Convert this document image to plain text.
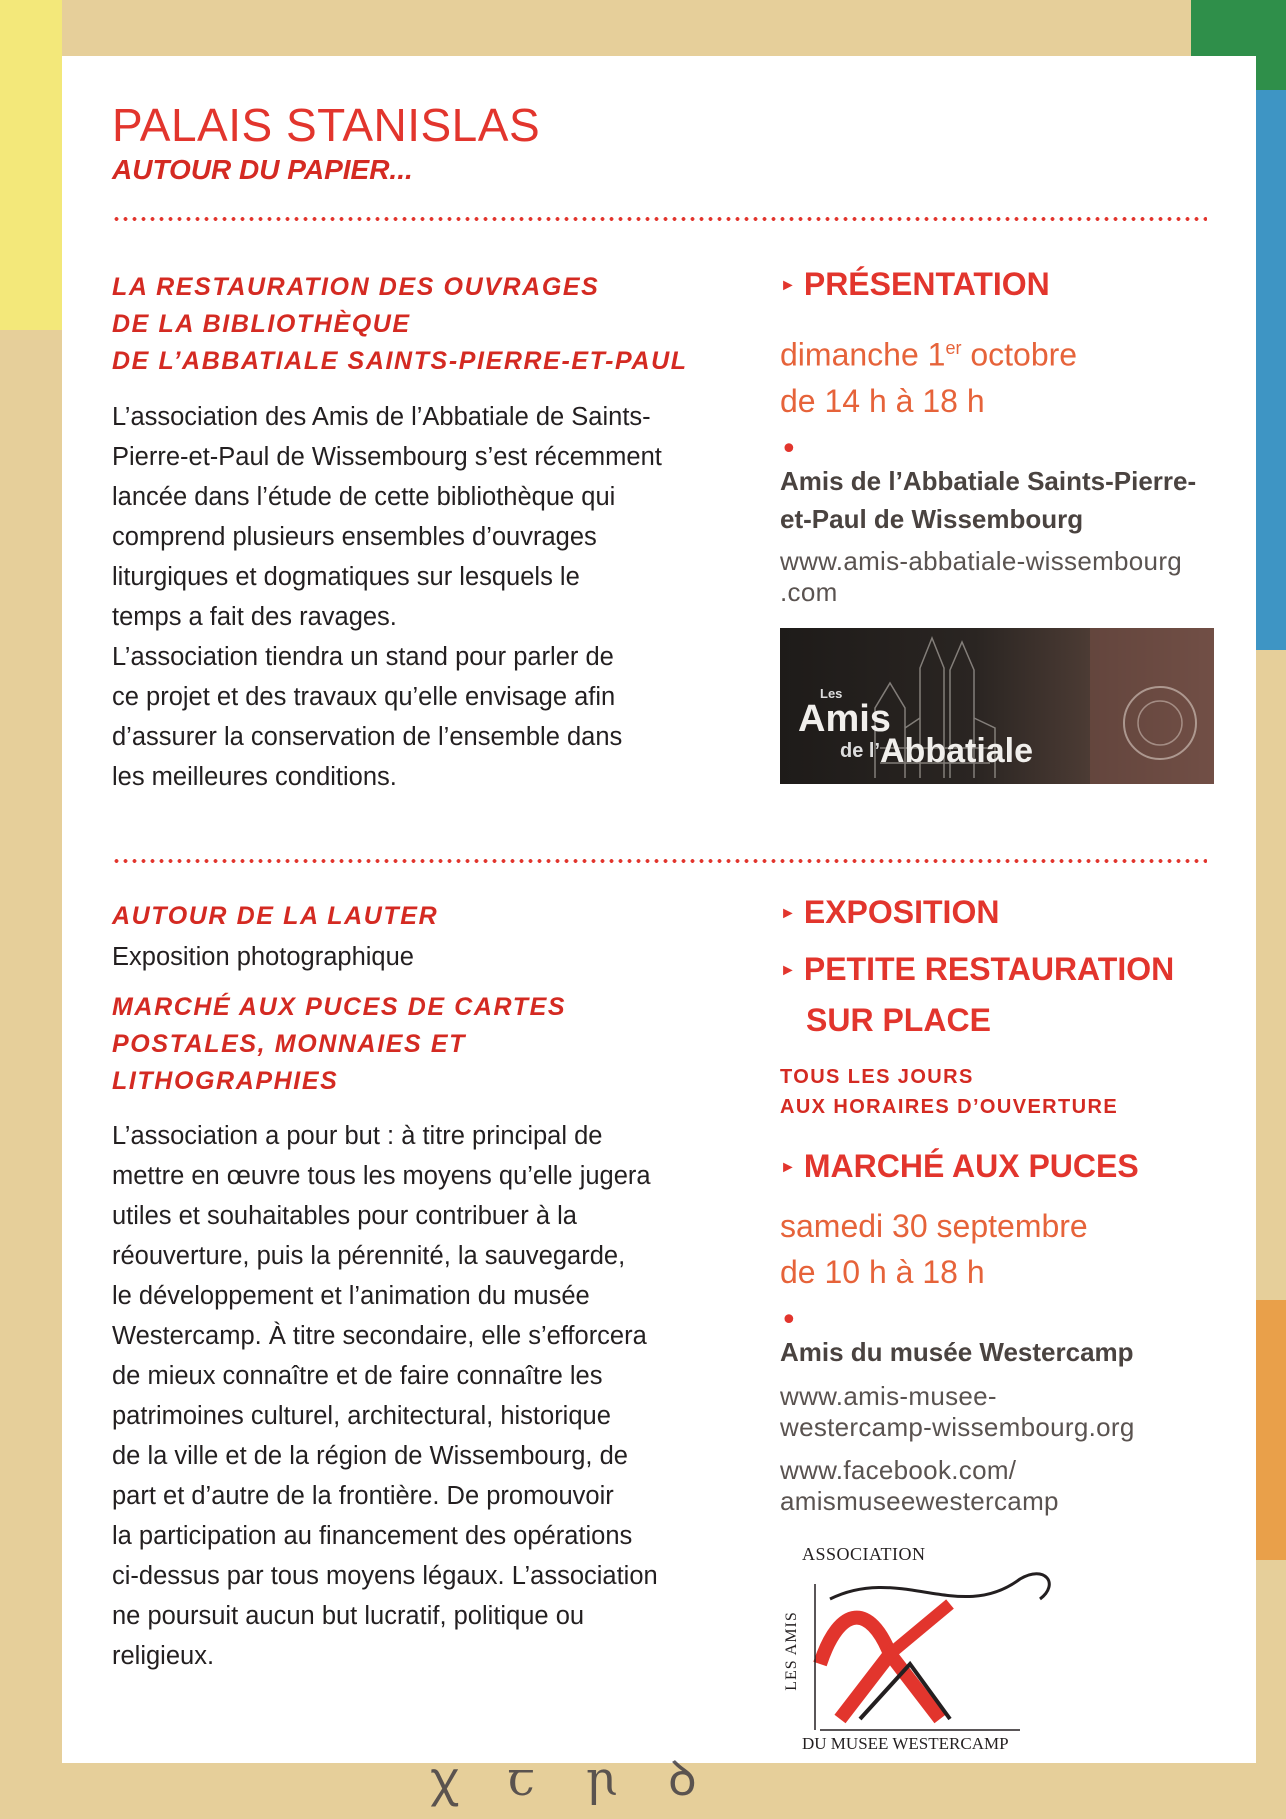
PALAIS STANISLAS
AUTOUR DU PAPIER...

LA RESTAURATION DES OUVRAGES
DE LA BIBLIOTHÈQUE
DE L’ABBATIALE SAINTS-PIERRE-ET-PAUL

L’association des Amis de l’Abbatiale de Saints-
Pierre-et-Paul de Wissembourg s’est récemment
lancée dans l’étude de cette bibliothèque qui
comprend plusieurs ensembles d’ouvrages
liturgiques et dogmatiques sur lesquels le
temps a fait des ravages.
L’association tiendra un stand pour parler de
ce projet et des travaux qu’elle envisage afin
d’assurer la conservation de l’ensemble dans
les meilleures conditions.

► PRÉSENTATION

dimanche 1er octobre
de 14 h à 18 h

•

Amis de l’Abbatiale Saints-Pierre-
et-Paul de Wissembourg

www.amis-abbatiale-wissembourg
.com

Les
Amis
de l’ Abbatiale

AUTOUR DE LA LAUTER

Exposition photographique

MARCHÉ AUX PUCES DE CARTES
POSTALES, MONNAIES ET
LITHOGRAPHIES

L’association a pour but : à titre principal de
mettre en œuvre tous les moyens qu’elle jugera
utiles et souhaitables pour contribuer à la
réouverture, puis la pérennité, la sauvegarde,
le développement et l’animation du musée
Westercamp. À titre secondaire, elle s’efforcera
de mieux connaître et de faire connaître les
patrimoines culturel, architectural, historique
de la ville et de la région de Wissembourg, de
part et d’autre de la frontière. De promouvoir
la participation au financement des opérations
ci-dessus par tous moyens légaux. L’association
ne poursuit aucun but lucratif, politique ou
religieux.

► EXPOSITION

► PETITE RESTAURATION
SUR PLACE

TOUS LES JOURS
AUX HORAIRES D’OUVERTURE

► MARCHÉ AUX PUCES

samedi 30 septembre
de 10 h à 18 h

•

Amis du musée Westercamp

www.amis-musee-
westercamp-wissembourg.org

www.facebook.com/
amismuseewestercamp

ASSOCIATION
LES AMIS
DU MUSEE WESTERCAMP
ꭓ ꞇ ꞃ ꝺ
